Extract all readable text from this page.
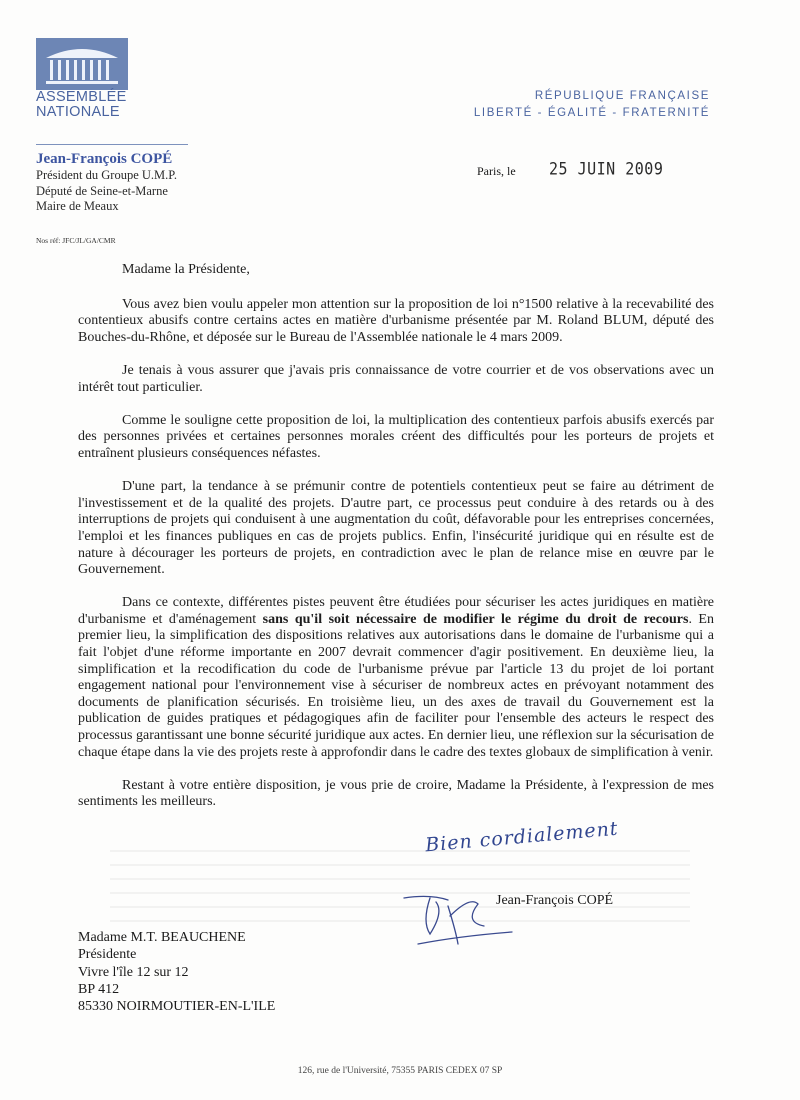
ASSEMBLÉE
NATIONALE
RÉPUBLIQUE FRANÇAISE
LIBERTÉ - ÉGALITÉ - FRATERNITÉ
Jean-François COPÉ
Président du Groupe U.M.P.
Député de Seine-et-Marne
Maire de Meaux
Nos réf: JFC/JL/GA/CMR
Paris, le 25 JUIN 2009
Madame la Présidente,

Vous avez bien voulu appeler mon attention sur la proposition de loi n°1500 relative à la recevabilité des contentieux abusifs contre certains actes en matière d'urbanisme présentée par M. Roland BLUM, député des Bouches-du-Rhône, et déposée sur le Bureau de l'Assemblée nationale le 4 mars 2009.

Je tenais à vous assurer que j'avais pris connaissance de votre courrier et de vos observations avec un intérêt tout particulier.

Comme le souligne cette proposition de loi, la multiplication des contentieux parfois abusifs exercés par des personnes privées et certaines personnes morales créent des difficultés pour les porteurs de projets et entraînent plusieurs conséquences néfastes.

D'une part, la tendance à se prémunir contre de potentiels contentieux peut se faire au détriment de l'investissement et de la qualité des projets. D'autre part, ce processus peut conduire à des retards ou à des interruptions de projets qui conduisent à une augmentation du coût, défavorable pour les entreprises concernées, l'emploi et les finances publiques en cas de projets publics. Enfin, l'insécurité juridique qui en résulte est de nature à décourager les porteurs de projets, en contradiction avec le plan de relance mise en œuvre par le Gouvernement.

Dans ce contexte, différentes pistes peuvent être étudiées pour sécuriser les actes juridiques en matière d'urbanisme et d'aménagement sans qu'il soit nécessaire de modifier le régime du droit de recours. En premier lieu, la simplification des dispositions relatives aux autorisations dans le domaine de l'urbanisme qui a fait l'objet d'une réforme importante en 2007 devrait commencer d'agir positivement. En deuxième lieu, la simplification et la recodification du code de l'urbanisme prévue par l'article 13 du projet de loi portant engagement national pour l'environnement vise à sécuriser de nombreux actes en prévoyant notamment des documents de planification sécurisés. En troisième lieu, un des axes de travail du Gouvernement est la publication de guides pratiques et pédagogiques afin de faciliter pour l'ensemble des acteurs le respect des processus garantissant une bonne sécurité juridique aux actes. En dernier lieu, une réflexion sur la sécurisation de chaque étape dans la vie des projets reste à approfondir dans le cadre des textes globaux de simplification à venir.

Restant à votre entière disposition, je vous prie de croire, Madame la Présidente, à l'expression de mes sentiments les meilleurs.

Bien cordialement
Jean-François COPÉ
Madame M.T. BEAUCHENE
Présidente
Vivre l'île 12 sur 12
BP 412
85330 NOIRMOUTIER-EN-L'ILE
126, rue de l'Université, 75355 PARIS CEDEX 07 SP
